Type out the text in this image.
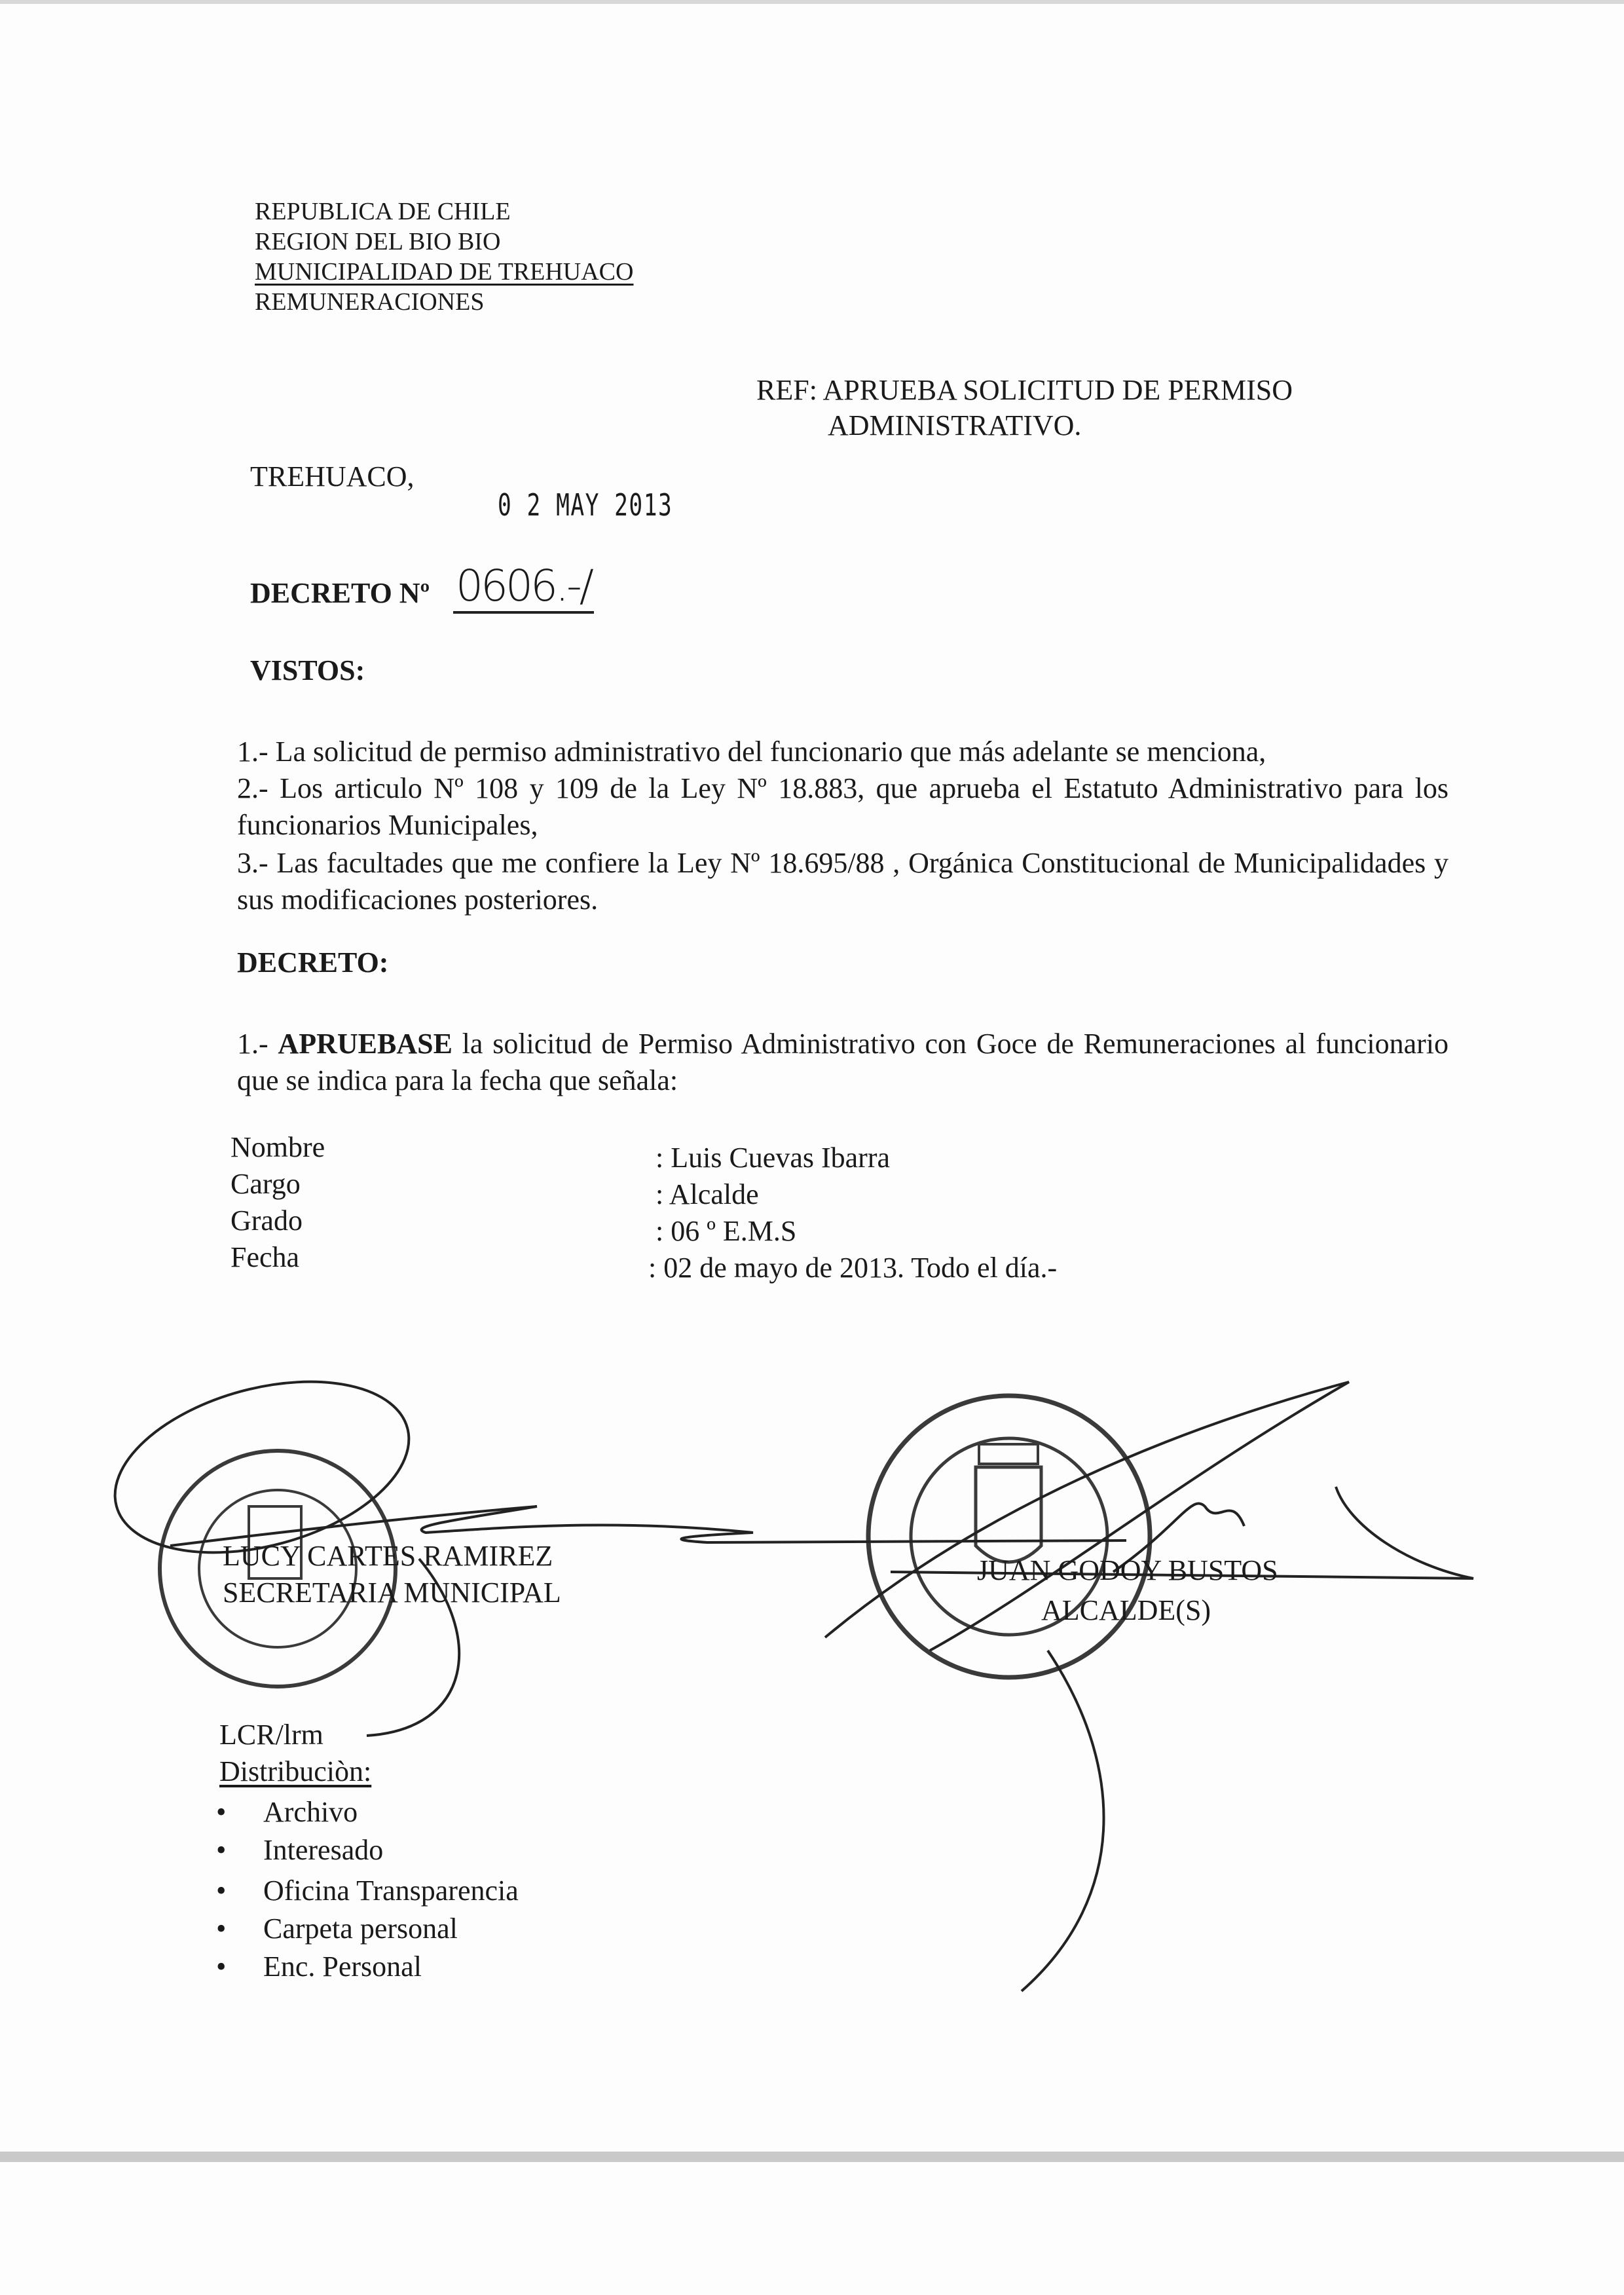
REPUBLICA DE CHILE
REGION DEL BIO BIO
MUNICIPALIDAD DE TREHUACO
REMUNERACIONES
REF: APRUEBA SOLICITUD DE PERMISO
ADMINISTRATIVO.
TREHUACO,
0 2 MAY 2013
DECRETO Nº 0606.-/
VISTOS:
1.- La solicitud de permiso administrativo del funcionario que más adelante se menciona,
2.- Los articulo Nº 108 y 109 de la Ley Nº 18.883, que aprueba el Estatuto Administrativo para los funcionarios Municipales,
3.- Las facultades que me confiere la Ley Nº 18.695/88 , Orgánica Constitucional de Municipalidades y sus modificaciones posteriores.
DECRETO:
1.- APRUEBASE la solicitud de Permiso Administrativo con Goce de Remuneraciones al funcionario que se indica para la fecha que señala:
Nombre	: Luis Cuevas Ibarra
Cargo	: Alcalde
Grado	: 06 º E.M.S
Fecha	: 02 de mayo de 2013. Todo el día.-
LUCY CARTES RAMIREZ
SECRETARIA MUNICIPAL
JUAN GODOY BUSTOS
ALCALDE(S)
LCR/lrm
Distribuciòn:
• Archivo
• Interesado
• Oficina Transparencia
• Carpeta personal
• Enc. Personal
